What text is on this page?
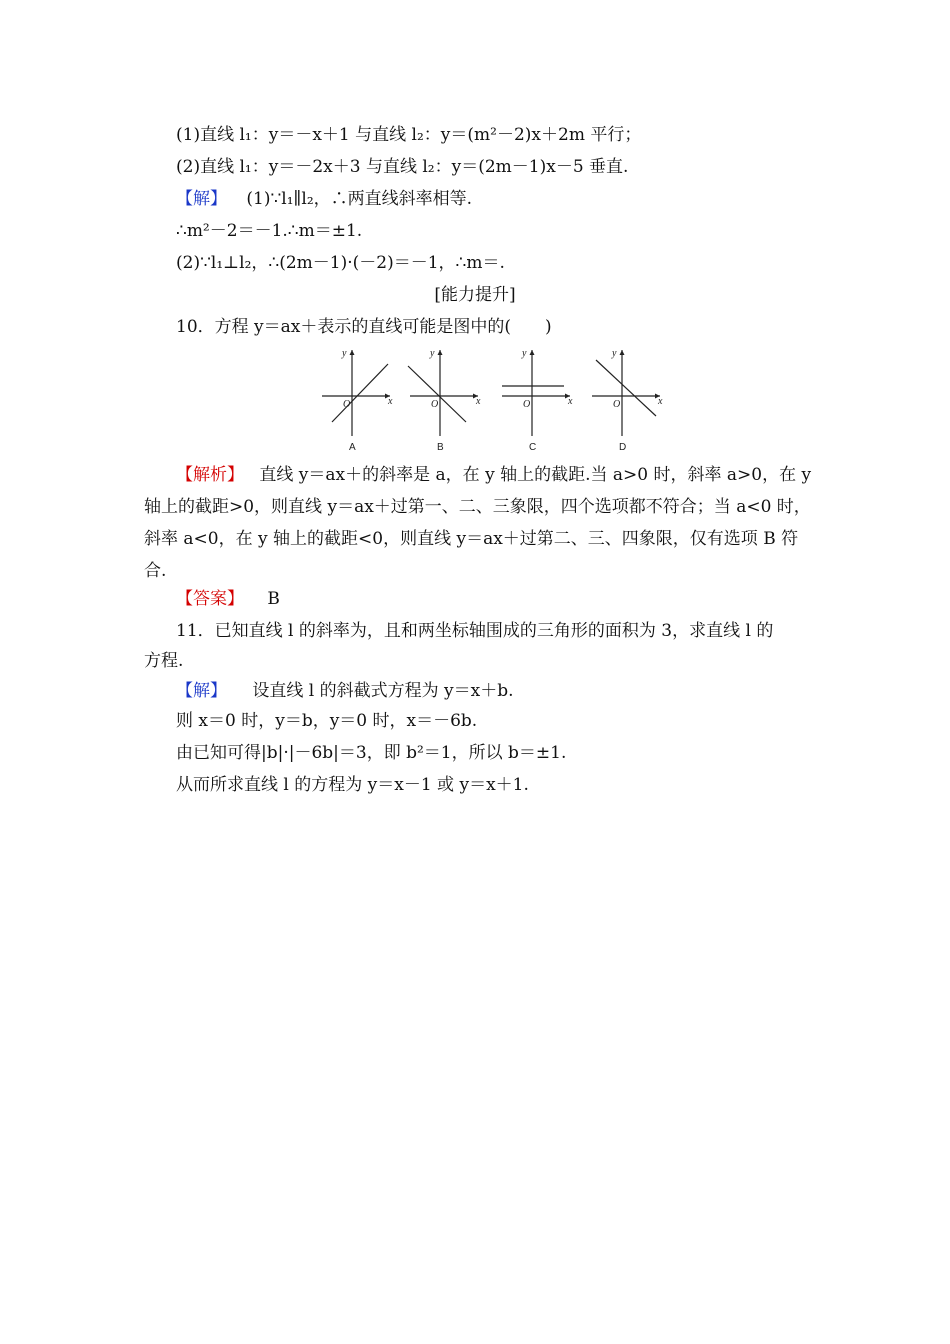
(1)直线 l₁：y＝－x＋1 与直线 l₂：y＝(m²－2)x＋2m 平行；
(2)直线 l₁：y＝－2x＋3 与直线 l₂：y＝(2m－1)x－5 垂直.
【解】 (1)∵l₁∥l₂，∴两直线斜率相等.
∴m²－2＝－1.∴m＝±1.
(2)∵l₁⊥l₂，∴(2m－1)·(－2)＝－1，∴m＝.
[能力提升]
10．方程 y＝ax＋表示的直线可能是图中的(　　)
y
x
O
A
y
x
O
B
y
x
O
C
y
x
O
D
【解析】 直线 y＝ax＋的斜率是 a，在 y 轴上的截距.当 a>0 时，斜率 a>0，在 y
轴上的截距>0，则直线 y＝ax＋过第一、二、三象限，四个选项都不符合；当 a<0 时，
斜率 a<0，在 y 轴上的截距<0，则直线 y＝ax＋过第二、三、四象限，仅有选项 B 符
合.
【答案】 B
11．已知直线 l 的斜率为，且和两坐标轴围成的三角形的面积为 3，求直线 l 的
方程.
【解】 设直线 l 的斜截式方程为 y＝x＋b.
则 x＝0 时，y＝b，y＝0 时，x＝－6b.
由已知可得|b|·|－6b|＝3，即 b²＝1，所以 b＝±1.
从而所求直线 l 的方程为 y＝x－1 或 y＝x＋1.
